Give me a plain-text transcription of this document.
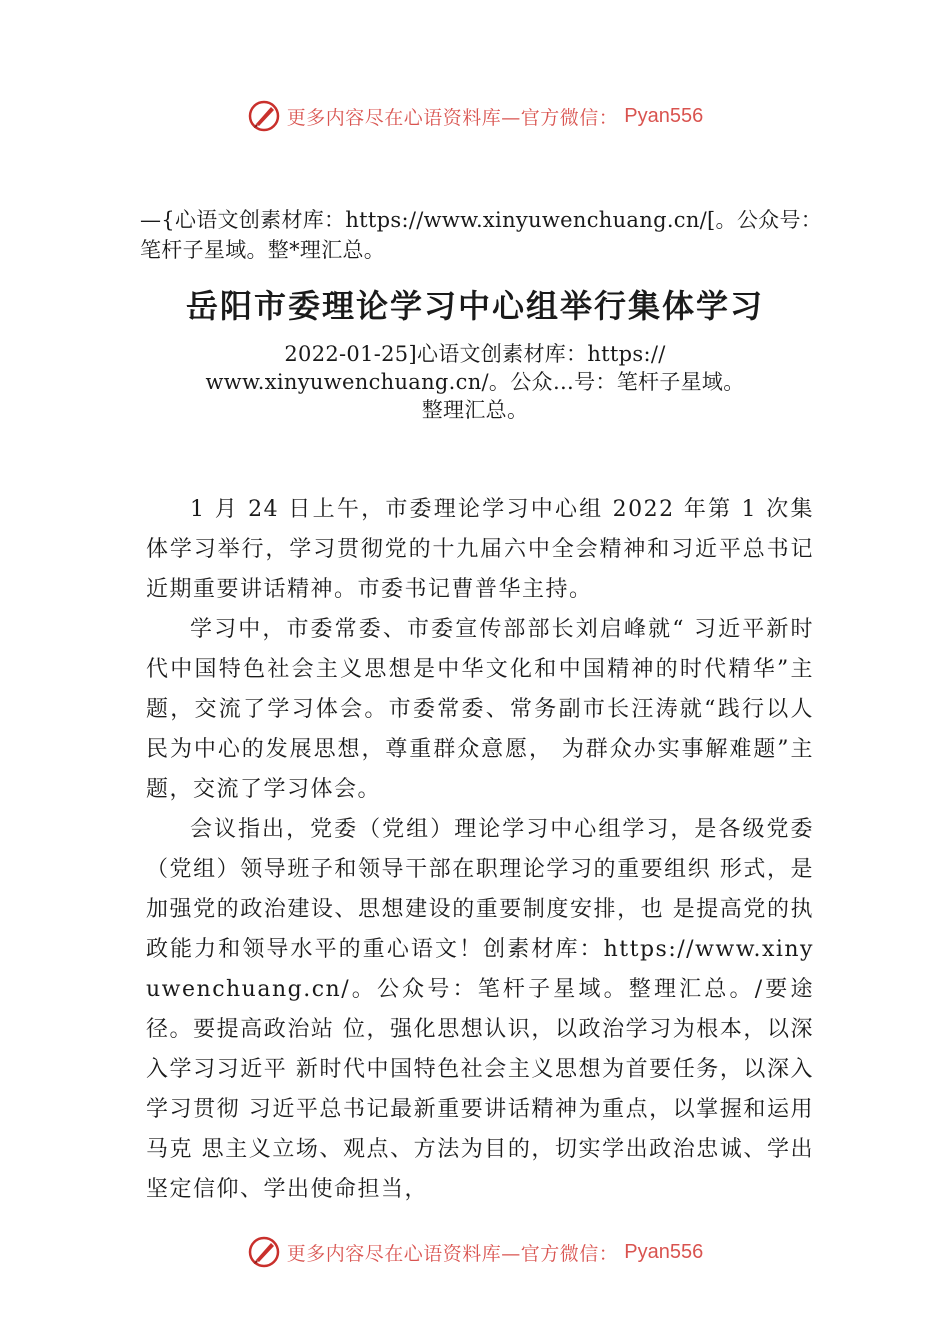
更多内容尽在心语资料库—官方微信： Pyan556

—{心语文创素材库：https://www.xinyuwenchuang.cn/[。公众号：笔杆子星域。整*理汇总。

岳阳市委理论学习中心组举行集体学习
2022-01-25]心语文创素材库：https://
www.xinyuwenchuang.cn/。公众…号：笔杆子星域。
整理汇总。

1 月 24 日上午，市委理论学习中心组 2022 年第 1 次集体学习举行，学习贯彻党的十九届六中全会精神和习近平总书记近期重要讲话精神。市委书记曹普华主持。

学习中，市委常委、市委宣传部部长刘启峰就“ 习近平新时代中国特色社会主义思想是中华文化和中国精神的时代精华”主题，交流了学习体会。市委常委、常务副市长汪涛就“践行以人民为中心的发展思想，尊重群众意愿， 为群众办实事解难题”主题，交流了学习体会。

会议指出，党委（党组）理论学习中心组学习，是各级党委（党组）领导班子和领导干部在职理论学习的重要组织 形式，是加强党的政治建设、思想建设的重要制度安排，也 是提高党的执政能力和领导水平的重心语文！创素材库：https://www.xinyuwenchuang.cn/。公众号：笔杆子星域。整理汇总。/要途径。要提高政治站 位，强化思想认识，以政治学习为根本，以深入学习习近平 新时代中国特色社会主义思想为首要任务，以深入学习贯彻 习近平总书记最新重要讲话精神为重点，以掌握和运用马克 思主义立场、观点、方法为目的，切实学出政治忠诚、学出 坚定信仰、学出使命担当，

更多内容尽在心语资料库—官方微信： Pyan556
